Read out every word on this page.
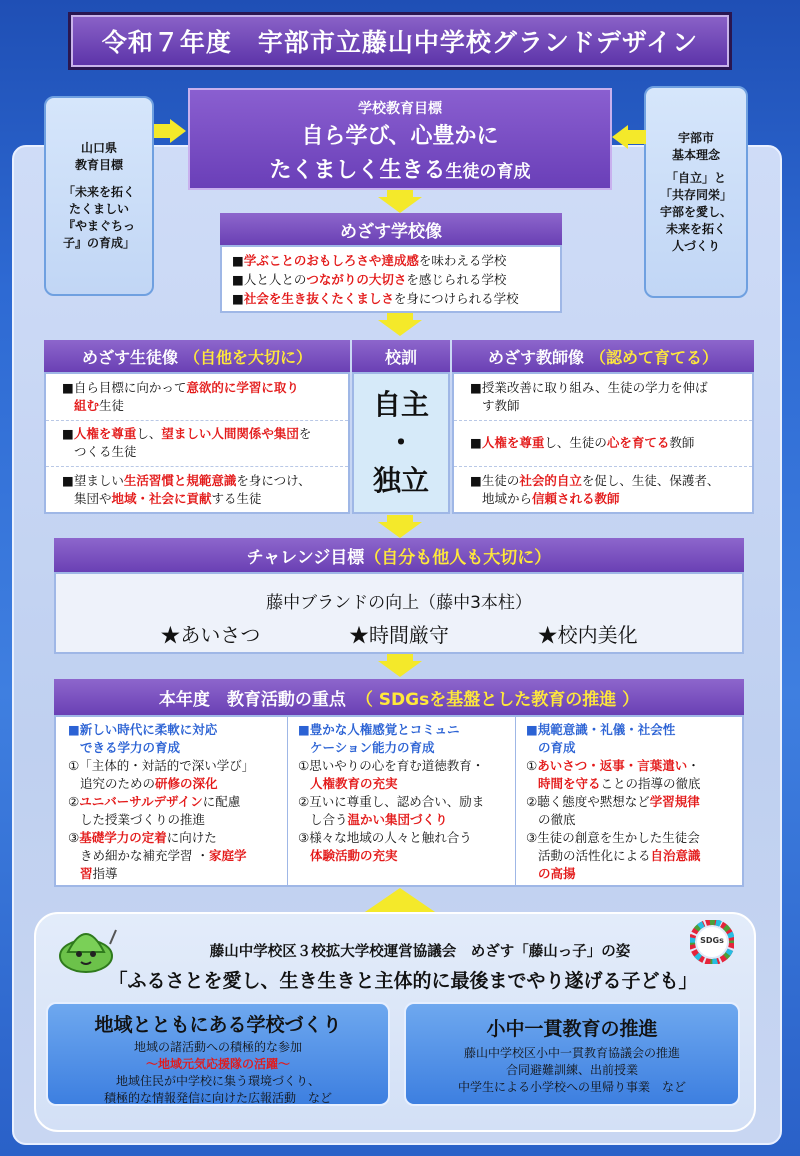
令和７年度　宇部市立藤山中学校グランドデザイン
山口県
教育目標
「未来を拓く
たくましい
『やまぐちっ
子』の育成」
宇部市
基本理念
「自立」と
「共存同栄」
宇部を愛し、
未来を拓く
人づくり
学校教育目標
自ら学び、心豊かに
たくましく生きる生徒の育成
めざす学校像
■学ぶことのおもしろさや達成感を味わえる学校
■人と人とのつながりの大切さを感じられる学校
■社会を生き抜くたくましさを身につけられる学校
めざす生徒像 （自他を大切に）	校訓	めざす教師像 （認めて育てる）
■自ら目標に向かって意欲的に学習に取り
組む生徒
■人権を尊重し、望ましい人間関係や集団を
つくる生徒
■望ましい生活習慣と規範意識を身につけ、
集団や地域・社会に貢献する生徒
自主
・
独立
■授業改善に取り組み、生徒の学力を伸ば
す教師
■人権を尊重し、生徒の心を育てる教師
■生徒の社会的自立を促し、生徒、保護者、
地域から信頼される教師
チャレンジ目標 （自分も他人も大切に）
藤中ブランドの向上（藤中3本柱）
★あいさつ	★時間厳守	★校内美化
本年度　教育活動の重点 （ SDGsを基盤とした教育の推進 ）
■新しい時代に柔軟に対応
できる学力の育成
①「主体的・対話的で深い学び」
追究のための研修の深化
②ユニバーサルデザインに配慮
した授業づくりの推進
③基礎学力の定着に向けた
きめ細かな補充学習 ・家庭学
習指導
■豊かな人権感覚とコミュニ
ケーション能力の育成
①思いやりの心を育む道徳教育・
人権教育の充実
②互いに尊重し、認め合い、励ま
し合う温かい集団づくり
③様々な地域の人々と触れ合う
体験活動の充実
■規範意識・礼儀・社会性
の育成
①あいさつ・返事・言葉遣い・
時間を守ることの指導の徹底
②聴く態度や黙想など学習規律
の徹底
③生徒の創意を生かした生徒会
活動の活性化による自治意識
の高揚
SDGs
藤山中学校区３校拡大学校運営協議会　めざす「藤山っ子」の姿
「ふるさとを愛し、生き生きと主体的に最後までやり遂げる子ども」
地域とともにある学校づくり
地域の諸活動への積極的な参加
～地域元気応援隊の活躍～
地域住民が中学校に集う環境づくり、
積極的な情報発信に向けた広報活動　など
小中一貫教育の推進
藤山中学校区小中一貫教育協議会の推進
合同避難訓練、出前授業
中学生による小学校への里帰り事業　など
